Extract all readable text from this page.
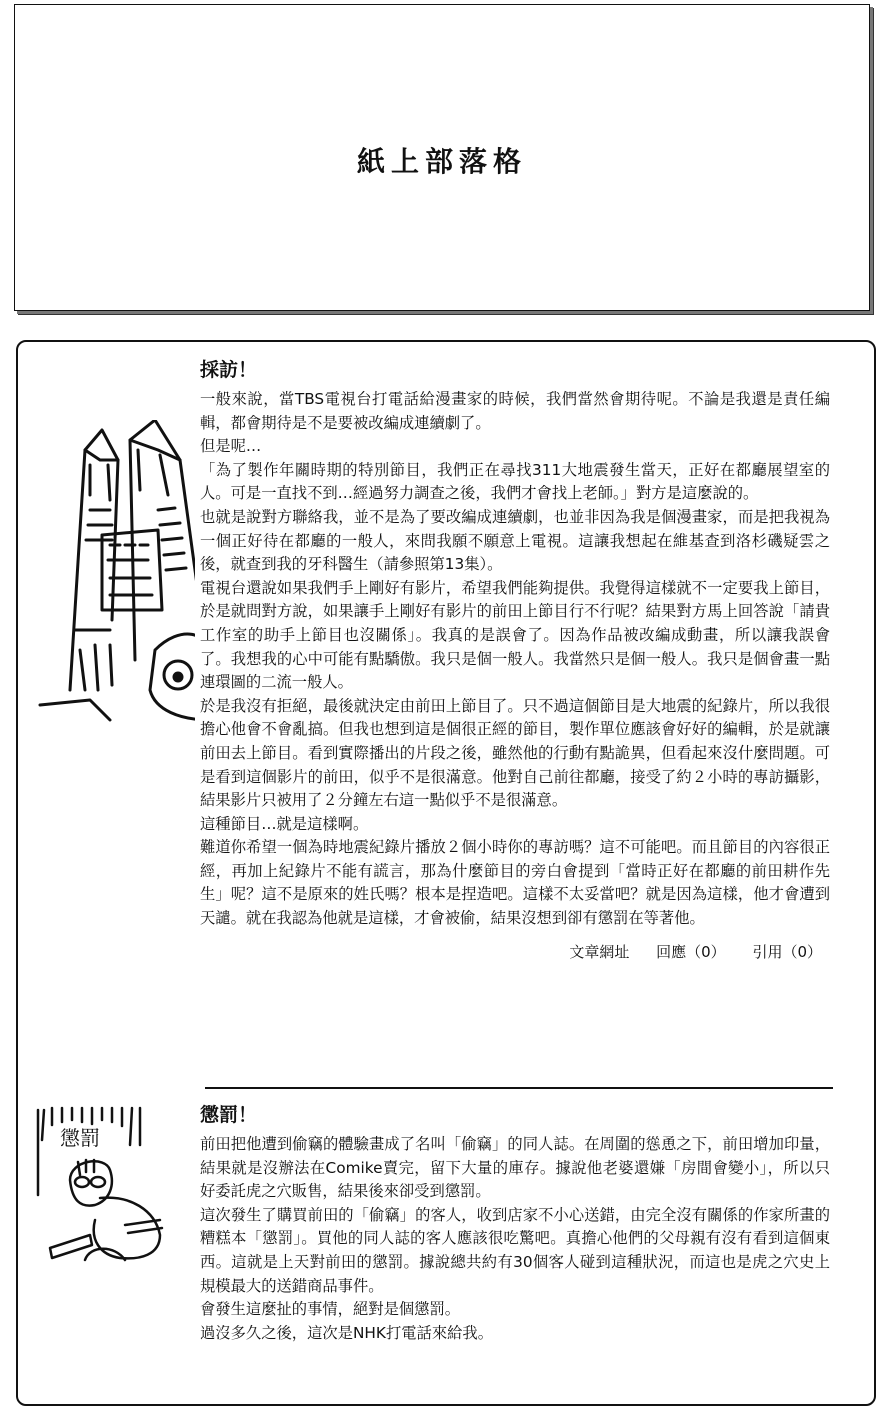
紙上部落格
採訪！

一般來說，當TBS電視台打電話給漫畫家的時候，我們當然會期待呢。不論是我還是責任編輯，都會期待是不是要被改編成連續劇了。

但是呢…

「為了製作年關時期的特別節目，我們正在尋找311大地震發生當天，正好在都廳展望室的人。可是一直找不到…經過努力調查之後，我們才會找上老師。」對方是這麼說的。

也就是說對方聯絡我，並不是為了要改編成連續劇，也並非因為我是個漫畫家，而是把我視為一個正好待在都廳的一般人，來問我願不願意上電視。這讓我想起在維基查到洛杉磯疑雲之後，就查到我的牙科醫生（請參照第13集）。

電視台還說如果我們手上剛好有影片，希望我們能夠提供。我覺得這樣就不一定要我上節目，於是就問對方說，如果讓手上剛好有影片的前田上節目行不行呢？結果對方馬上回答說「請貴工作室的助手上節目也沒關係」。我真的是誤會了。因為作品被改編成動畫，所以讓我誤會了。我想我的心中可能有點驕傲。我只是個一般人。我當然只是個一般人。我只是個會畫一點連環圖的二流一般人。

於是我沒有拒絕，最後就決定由前田上節目了。只不過這個節目是大地震的紀錄片，所以我很擔心他會不會亂搞。但我也想到這是個很正經的節目，製作單位應該會好好的編輯，於是就讓前田去上節目。看到實際播出的片段之後，雖然他的行動有點詭異，但看起來沒什麼問題。可是看到這個影片的前田，似乎不是很滿意。他對自己前往都廳，接受了約２小時的專訪攝影，結果影片只被用了２分鐘左右這一點似乎不是很滿意。

這種節目…就是這樣啊。

難道你希望一個為時地震紀錄片播放２個小時你的專訪嗎？這不可能吧。而且節目的內容很正經，再加上紀錄片不能有謊言，那為什麼節目的旁白會提到「當時正好在都廳的前田耕作先生」呢？這不是原來的姓氏嗎？根本是捏造吧。這樣不太妥當吧？就是因為這樣，他才會遭到天譴。就在我認為他就是這樣，才會被偷，結果沒想到卻有懲罰在等著他。

文章網址 回應（0） 引用（0）
懲罰
懲罰！

前田把他遭到偷竊的體驗畫成了名叫「偷竊」的同人誌。在周圍的慫恿之下，前田增加印量，結果就是沒辦法在Comike賣完，留下大量的庫存。據說他老婆還嫌「房間會變小」，所以只好委託虎之穴販售，結果後來卻受到懲罰。

這次發生了購買前田的「偷竊」的客人，收到店家不小心送錯，由完全沒有關係的作家所畫的糟糕本「懲罰」。買他的同人誌的客人應該很吃驚吧。真擔心他們的父母親有沒有看到這個東西。這就是上天對前田的懲罰。據說總共約有30個客人碰到這種狀況，而這也是虎之穴史上規模最大的送錯商品事件。

會發生這麼扯的事情，絕對是個懲罰。

過沒多久之後，這次是NHK打電話來給我。
